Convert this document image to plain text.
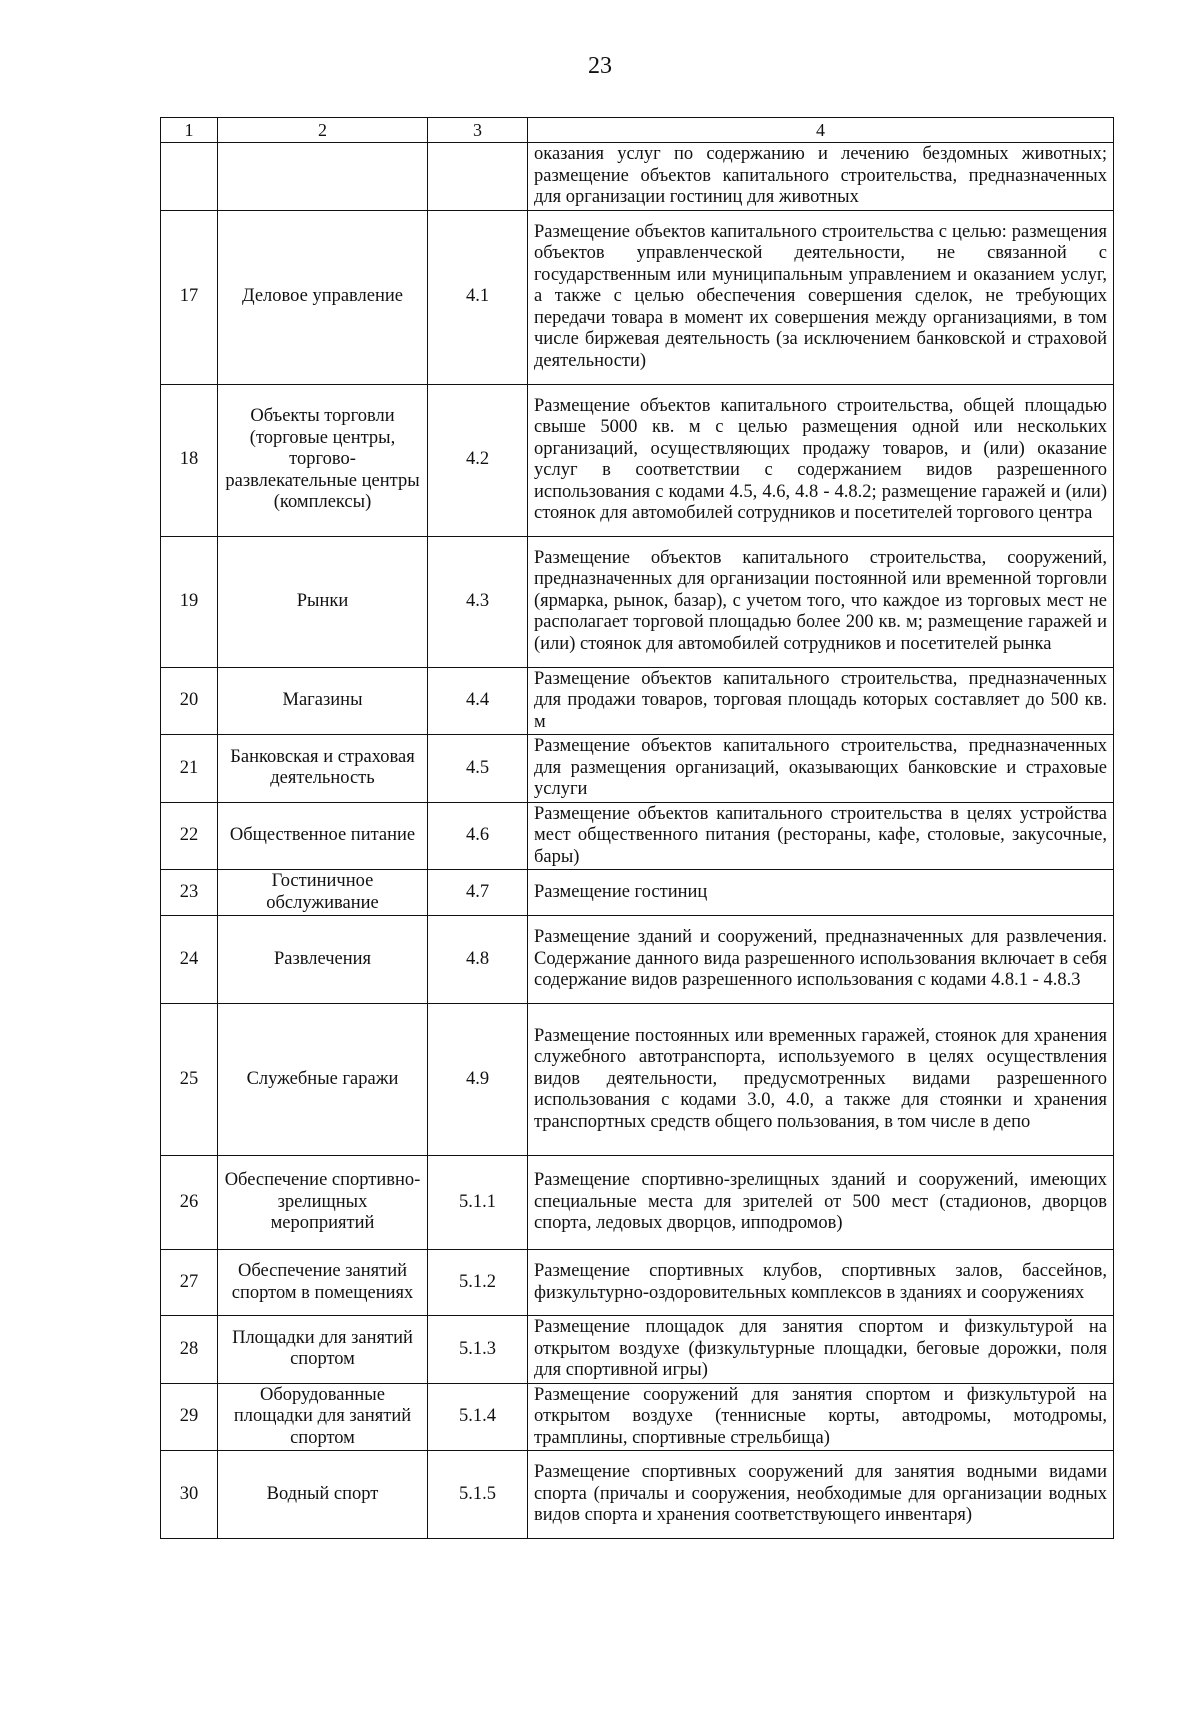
23
1	2	3	4
			оказания услуг по содержанию и лечению бездомных животных; размещение объектов капитального строительства, предназначенных для организации гостиниц для животных
17	Деловое управление	4.1	Размещение объектов капитального строительства с целью: размещения объектов управленческой деятельности, не связанной с государственным или муниципальным управлением и оказанием услуг, а также с целью обеспечения совершения сделок, не требующих передачи товара в момент их совершения между организациями, в том числе биржевая деятельность (за исключением банковской и страховой деятельности)
18	Объекты торговли (торговые центры, торгово-развлекательные центры (комплексы)	4.2	Размещение объектов капитального строительства, общей площадью свыше 5000 кв. м с целью размещения одной или нескольких организаций, осуществляющих продажу товаров, и (или) оказание услуг в соответствии с содержанием видов разрешенного использования с кодами 4.5, 4.6, 4.8 - 4.8.2; размещение гаражей и (или) стоянок для автомобилей сотрудников и посетителей торгового центра
19	Рынки	4.3	Размещение объектов капитального строительства, сооружений, предназначенных для организации постоянной или временной торговли (ярмарка, рынок, базар), с учетом того, что каждое из торговых мест не располагает торговой площадью более 200 кв. м; размещение гаражей и (или) стоянок для автомобилей сотрудников и посетителей рынка
20	Магазины	4.4	Размещение объектов капитального строительства, предназначенных для продажи товаров, торговая площадь которых составляет до 500 кв. м
21	Банковская и страховая деятельность	4.5	Размещение объектов капитального строительства, предназначенных для размещения организаций, оказывающих банковские и страховые услуги
22	Общественное питание	4.6	Размещение объектов капитального строительства в целях устройства мест общественного питания (рестораны, кафе, столовые, закусочные, бары)
23	Гостиничное обслуживание	4.7	Размещение гостиниц
24	Развлечения	4.8	Размещение зданий и сооружений, предназначенных для развлечения. Содержание данного вида разрешенного использования включает в себя содержание видов разрешенного использования с кодами 4.8.1 - 4.8.3
25	Служебные гаражи	4.9	Размещение постоянных или временных гаражей, стоянок для хранения служебного автотранспорта, используемого в целях осуществления видов деятельности, предусмотренных видами разрешенного использования с кодами 3.0, 4.0, а также для стоянки и хранения транспортных средств общего пользования, в том числе в депо
26	Обеспечение спортивно-зрелищных мероприятий	5.1.1	Размещение спортивно-зрелищных зданий и сооружений, имеющих специальные места для зрителей от 500 мест (стадионов, дворцов спорта, ледовых дворцов, ипподромов)
27	Обеспечение занятий спортом в помещениях	5.1.2	Размещение спортивных клубов, спортивных залов, бассейнов, физкультурно-оздоровительных комплексов в зданиях и сооружениях
28	Площадки для занятий спортом	5.1.3	Размещение площадок для занятия спортом и физкультурой на открытом воздухе (физкультурные площадки, беговые дорожки, поля для спортивной игры)
29	Оборудованные площадки для занятий спортом	5.1.4	Размещение сооружений для занятия спортом и физкультурой на открытом воздухе (теннисные корты, автодромы, мотодромы, трамплины, спортивные стрельбища)
30	Водный спорт	5.1.5	Размещение спортивных сооружений для занятия водными видами спорта (причалы и сооружения, необходимые для организации водных видов спорта и хранения соответствующего инвентаря)
